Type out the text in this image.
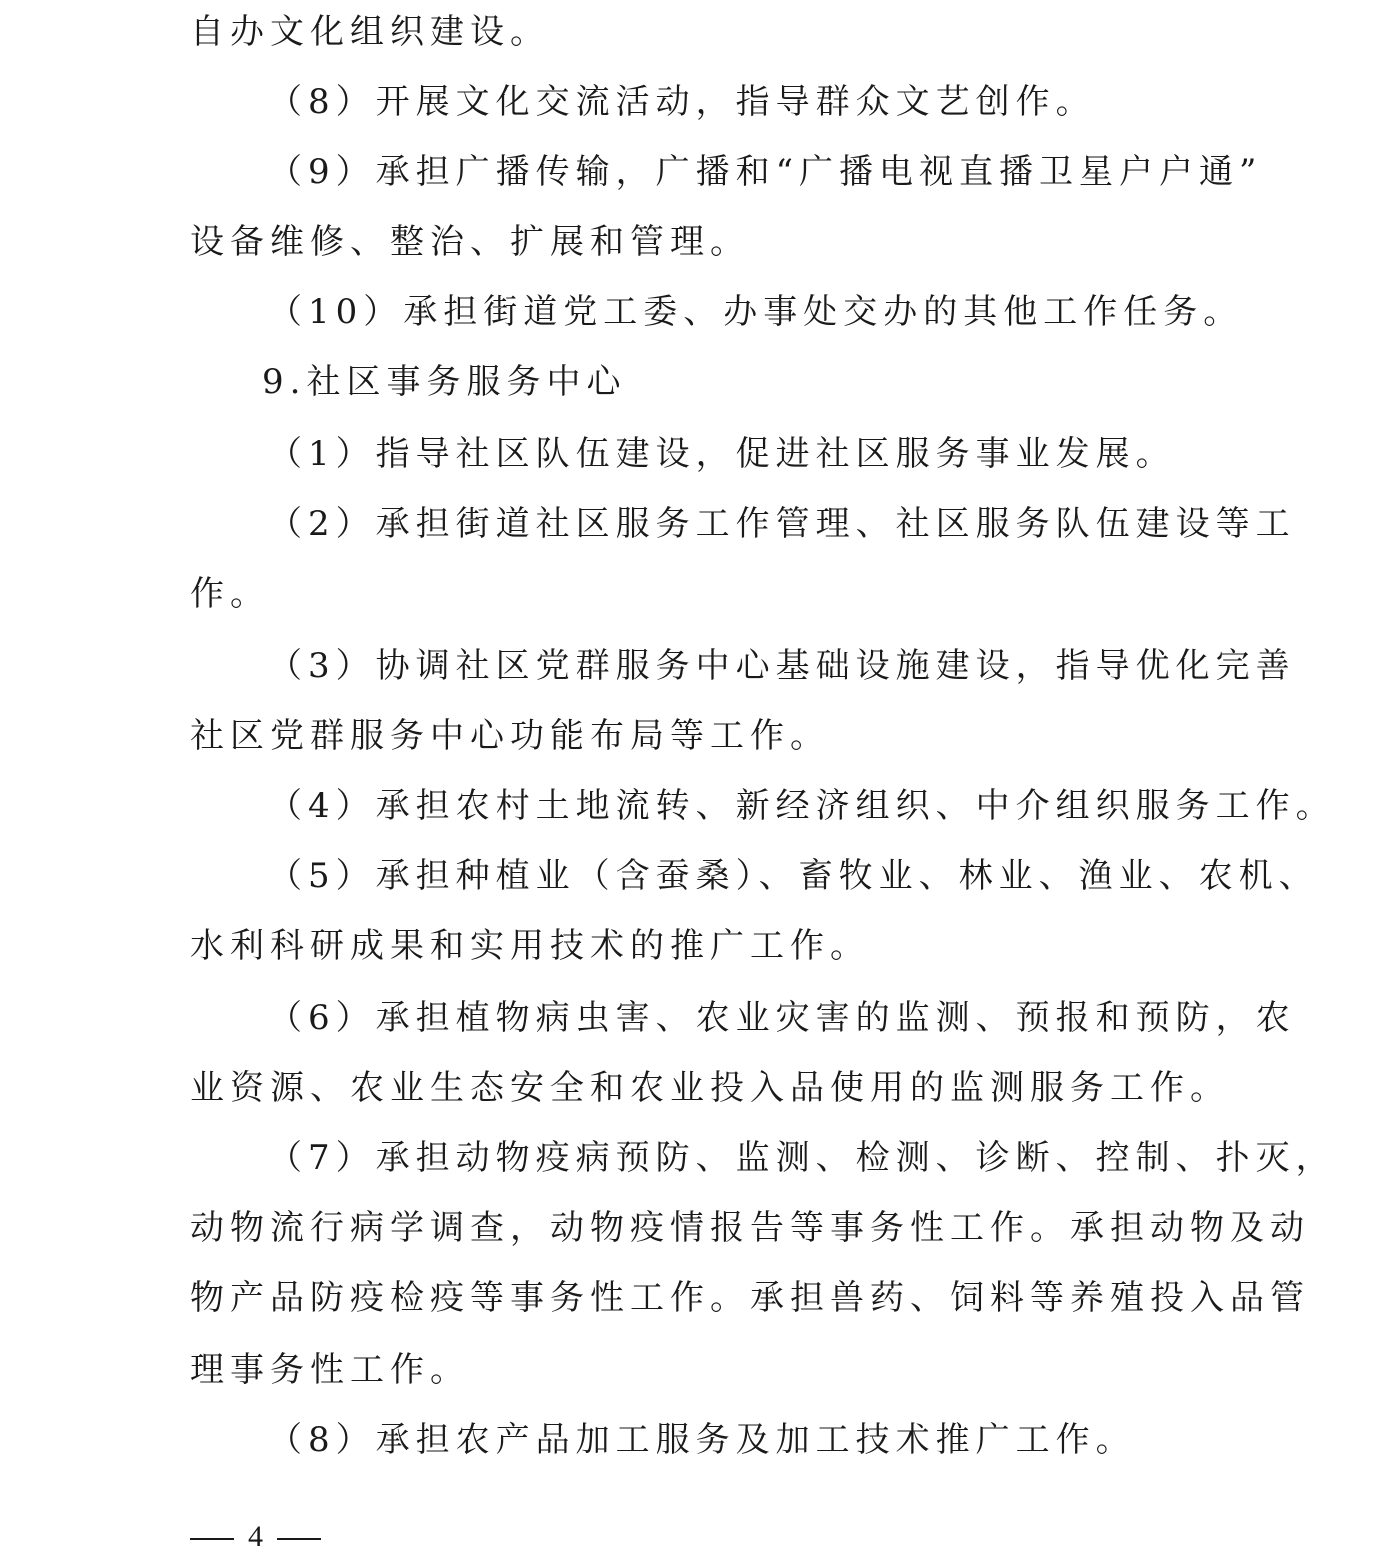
自办文化组织建设。
（8）开展文化交流活动，指导群众文艺创作。
（9）承担广播传输，广播和“广播电视直播卫星户户通”
设备维修、整治、扩展和管理。
（10）承担街道党工委、办事处交办的其他工作任务。
9.社区事务服务中心
（1）指导社区队伍建设，促进社区服务事业发展。
（2）承担街道社区服务工作管理、社区服务队伍建设等工
作。
（3）协调社区党群服务中心基础设施建设，指导优化完善
社区党群服务中心功能布局等工作。
（4）承担农村土地流转、新经济组织、中介组织服务工作。
（5）承担种植业（含蚕桑）、畜牧业、林业、渔业、农机、
水利科研成果和实用技术的推广工作。
（6）承担植物病虫害、农业灾害的监测、预报和预防，农
业资源、农业生态安全和农业投入品使用的监测服务工作。
（7）承担动物疫病预防、监测、检测、诊断、控制、扑灭，
动物流行病学调查，动物疫情报告等事务性工作。承担动物及动
物产品防疫检疫等事务性工作。承担兽药、饲料等养殖投入品管
理事务性工作。
（8）承担农产品加工服务及加工技术推广工作。
4
